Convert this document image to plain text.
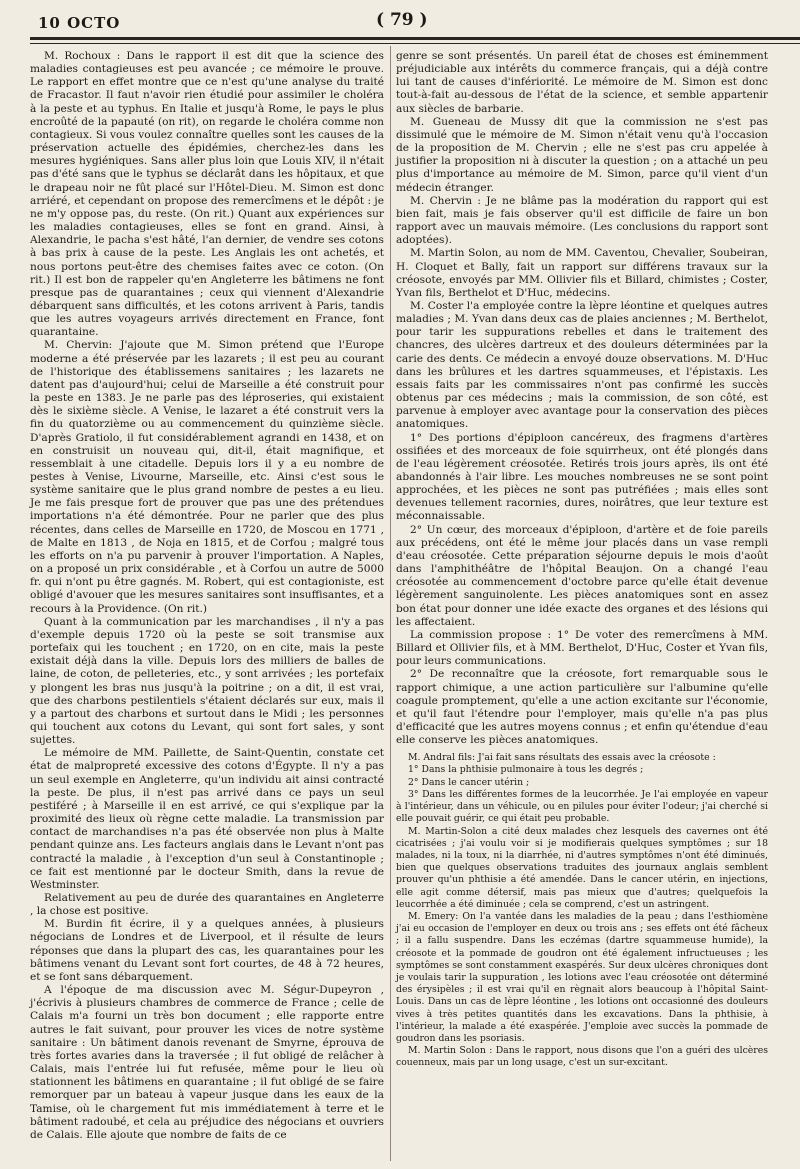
10 OCTO	( 79 )

M. Rochoux : Dans le rapport il est dit que la science des maladies contagieuses est peu avancée ; ce mémoire le prouve. Le rapport en effet montre que ce n'est qu'une analyse du traité de Fracastor. Il faut n'avoir rien étudié pour assimiler le choléra à la peste et au typhus. En Italie et jusqu'à Rome, le pays le plus encroûté de la papauté (on rit), on regarde le choléra comme non contagieux. Si vous voulez connaître quelles sont les causes de la préservation actuelle des épidémies, cherchez-les dans les mesures hygiéniques. Sans aller plus loin que Louis XIV, il n'était pas d'été sans que le typhus se déclarât dans les hôpitaux, et que le drapeau noir ne fût placé sur l'Hôtel-Dieu. M. Simon est donc arriéré, et cependant on propose des remercîmens et le dépôt : je ne m'y oppose pas, du reste. (On rit.) Quant aux expériences sur les maladies contagieuses, elles se font en grand. Ainsi, à Alexandrie, le pacha s'est hâté, l'an dernier, de vendre ses cotons à bas prix à cause de la peste. Les Anglais les ont achetés, et nous portons peut-être des chemises faites avec ce coton. (On rit.) Il est bon de rappeler qu'en Angleterre les bâtimens ne font presque pas de quarantaines ; ceux qui viennent d'Alexandrie débarquent sans difficultés, et les cotons arrivent à Paris, tandis que les autres voyageurs arrivés directement en France, font quarantaine.

M. Chervin: J'ajoute que M. Simon prétend que l'Europe moderne a été préservée par les lazarets ; il est peu au courant de l'historique des établissemens sanitaires ; les lazarets ne datent pas d'aujourd'hui; celui de Marseille a été construit pour la peste en 1383. Je ne parle pas des léproseries, qui existaient dès le sixième siècle. A Venise, le lazaret a été construit vers la fin du quatorzième ou au commencement du quinzième siècle. D'après Gratiolo, il fut considérablement agrandi en 1438, et on en construisit un nouveau qui, dit-il, était magnifique, et ressemblait à une citadelle. Depuis lors il y a eu nombre de pestes à Venise, Livourne, Marseille, etc. Ainsi c'est sous le système sanitaire que le plus grand nombre de pestes a eu lieu. Je me fais presque fort de prouver que pas une des prétendues importations n'a été démontrée. Pour ne parler que des plus récentes, dans celles de Marseille en 1720, de Moscou en 1771 , de Malte en 1813 , de Noja en 1815, et de Corfou ; malgré tous les efforts on n'a pu parvenir à prouver l'importation. A Naples, on a proposé un prix considérable , et à Corfou un autre de 5000 fr. qui n'ont pu être gagnés. M. Robert, qui est contagioniste, est obligé d'avouer que les mesures sanitaires sont insuffisantes, et a recours à la Providence. (On rit.)

Quant à la communication par les marchandises , il n'y a pas d'exemple depuis 1720 où la peste se soit transmise aux portefaix qui les touchent ; en 1720, on en cite, mais la peste existait déjà dans la ville. Depuis lors des milliers de balles de laine, de coton, de pelleteries, etc., y sont arrivées ; les portefaix y plongent les bras nus jusqu'à la poitrine ; on a dit, il est vrai, que des charbons pestilentiels s'étaient déclarés sur eux, mais il y a partout des charbons et surtout dans le Midi ; les personnes qui touchent aux cotons du Levant, qui sont fort sales, y sont sujettes.

Le mémoire de MM. Paillette, de Saint-Quentin, constate cet état de malpropreté excessive des cotons d'Égypte. Il n'y a pas un seul exemple en Angleterre, qu'un individu ait ainsi contracté la peste. De plus, il n'est pas arrivé dans ce pays un seul pestiféré ; à Marseille il en est arrivé, ce qui s'explique par la proximité des lieux où règne cette maladie. La transmission par contact de marchandises n'a pas été observée non plus à Malte pendant quinze ans. Les facteurs anglais dans le Levant n'ont pas contracté la maladie , à l'exception d'un seul à Constantinople ; ce fait est mentionné par le docteur Smith, dans la revue de Westminster.

Relativement au peu de durée des quarantaines en Angleterre , la chose est positive.

M. Burdin fit écrire, il y a quelques années, à plusieurs négocians de Londres et de Liverpool, et il résulte de leurs réponses que dans la plupart des cas, les quarantaines pour les bâtimens venant du Levant sont fort courtes, de 48 à 72 heures, et se font sans débarquement.

A l'époque de ma discussion avec M. Ségur-Dupeyron , j'écrivis à plusieurs chambres de commerce de France ; celle de Calais m'a fourni un très bon document ; elle rapporte entre autres le fait suivant, pour prouver les vices de notre système sanitaire : Un bâtiment danois revenant de Smyrne, éprouva de très fortes avaries dans la traversée ; il fut obligé de relâcher à Calais, mais l'entrée lui fut refusée, même pour le lieu où stationnent les bâtimens en quarantaine ; il fut obligé de se faire remorquer par un bateau à vapeur jusque dans les eaux de la Tamise, où le chargement fut mis immédiatement à terre et le bâtiment radoubé, et cela au préjudice des négocians et ouvriers de Calais. Elle ajoute que nombre de faits de ce

genre se sont présentés. Un pareil état de choses est éminemment préjudiciable aux intérêts du commerce français, qui a déjà contre lui tant de causes d'infériorité. Le mémoire de M. Simon est donc tout-à-fait au-dessous de l'état de la science, et semble appartenir aux siècles de barbarie.

M. Gueneau de Mussy dit que la commission ne s'est pas dissimulé que le mémoire de M. Simon n'était venu qu'à l'occasion de la proposition de M. Chervin ; elle ne s'est pas cru appelée à justifier la proposition ni à discuter la question ; on a attaché un peu plus d'importance au mémoire de M. Simon, parce qu'il vient d'un médecin étranger.

M. Chervin : Je ne blâme pas la modération du rapport qui est bien fait, mais je fais observer qu'il est difficile de faire un bon rapport avec un mauvais mémoire. (Les conclusions du rapport sont adoptées).

M. Martin Solon, au nom de MM. Caventou, Chevalier, Soubeiran, H. Cloquet et Bally, fait un rapport sur différens travaux sur la créosote, envoyés par MM. Ollivier fils et Billard, chimistes ; Coster, Yvan fils, Berthelot et D'Huc, médecins.

M. Coster l'a employée contre la lèpre léontine et quelques autres maladies ; M. Yvan dans deux cas de plaies anciennes ; M. Berthelot, pour tarir les suppurations rebelles et dans le traitement des chancres, des ulcères dartreux et des douleurs déterminées par la carie des dents. Ce médecin a envoyé douze observations. M. D'Huc dans les brûlures et les dartres squammeuses, et l'épistaxis. Les essais faits par les commissaires n'ont pas confirmé les succès obtenus par ces médecins ; mais la commission, de son côté, est parvenue à employer avec avantage pour la conservation des pièces anatomiques.

1° Des portions d'épiploon cancéreux, des fragmens d'artères ossifiées et des morceaux de foie squirrheux, ont été plongés dans de l'eau légèrement créosotée. Retirés trois jours après, ils ont été abandonnés à l'air libre. Les mouches nombreuses ne se sont point approchées, et les pièces ne sont pas putréfiées ; mais elles sont devenues tellement racornies, dures, noirâtres, que leur texture est méconnaissable.

2° Un cœur, des morceaux d'épiploon, d'artère et de foie pareils aux précédens, ont été le même jour placés dans un vase rempli d'eau créosotée. Cette préparation séjourne depuis le mois d'août dans l'amphithéâtre de l'hôpital Beaujon. On a changé l'eau créosotée au commencement d'octobre parce qu'elle était devenue légèrement sanguinolente. Les pièces anatomiques sont en assez bon état pour donner une idée exacte des organes et des lésions qui les affectaient.

La commission propose : 1° De voter des remercîmens à MM. Billard et Ollivier fils, et à MM. Berthelot, D'Huc, Coster et Yvan fils, pour leurs communications.

2° De reconnaître que la créosote, fort remarquable sous le rapport chimique, a une action particulière sur l'albumine qu'elle coagule promptement, qu'elle a une action excitante sur l'économie, et qu'il faut l'étendre pour l'employer, mais qu'elle n'a pas plus d'efficacité que les autres moyens connus ; et enfin qu'étendue d'eau elle conserve les pièces anatomiques.

M. Andral fils: J'ai fait sans résultats des essais avec la créosote :

1° Dans la phthisie pulmonaire à tous les degrés ;

2° Dans le cancer utérin ;

3° Dans les différentes formes de la leucorrhée. Je l'ai employée en vapeur à l'intérieur, dans un véhicule, ou en pilules pour éviter l'odeur; j'ai cherché si elle pouvait guérir, ce qui était peu probable.

M. Martin-Solon a cité deux malades chez lesquels des cavernes ont été cicatrisées ; j'ai voulu voir si je modifierais quelques symptômes ; sur 18 malades, ni la toux, ni la diarrhée, ni d'autres symptômes n'ont été diminués, bien que quelques observations traduites des journaux anglais semblent prouver qu'un phthisie a été amendée. Dans le cancer utérin, en injections, elle agit comme détersif, mais pas mieux que d'autres; quelquefois la leucorrhée a été diminuée ; cela se comprend, c'est un astringent.

M. Emery: On l'a vantée dans les maladies de la peau ; dans l'esthiomène j'ai eu occasion de l'employer en deux ou trois ans ; ses effets ont été fâcheux ; il a fallu suspendre. Dans les eczémas (dartre squammeuse humide), la créosote et la pommade de goudron ont été également infructueuses ; les symptômes se sont constamment exaspérés. Sur deux ulcères chroniques dont je voulais tarir la suppuration , les lotions avec l'eau créosotée ont déterminé des érysipèles ; il est vrai qu'il en règnait alors beaucoup à l'hôpital Saint-Louis. Dans un cas de lèpre léontine , les lotions ont occasionné des douleurs vives à très petites quantités dans les excavations. Dans la phthisie, à l'intérieur, la malade a été exaspérée. J'emploie avec succès la pommade de goudron dans les psoriasis.

M. Martin Solon : Dans le rapport, nous disons que l'on a guéri des ulcères couenneux, mais par un long usage, c'est un sur-excitant.
